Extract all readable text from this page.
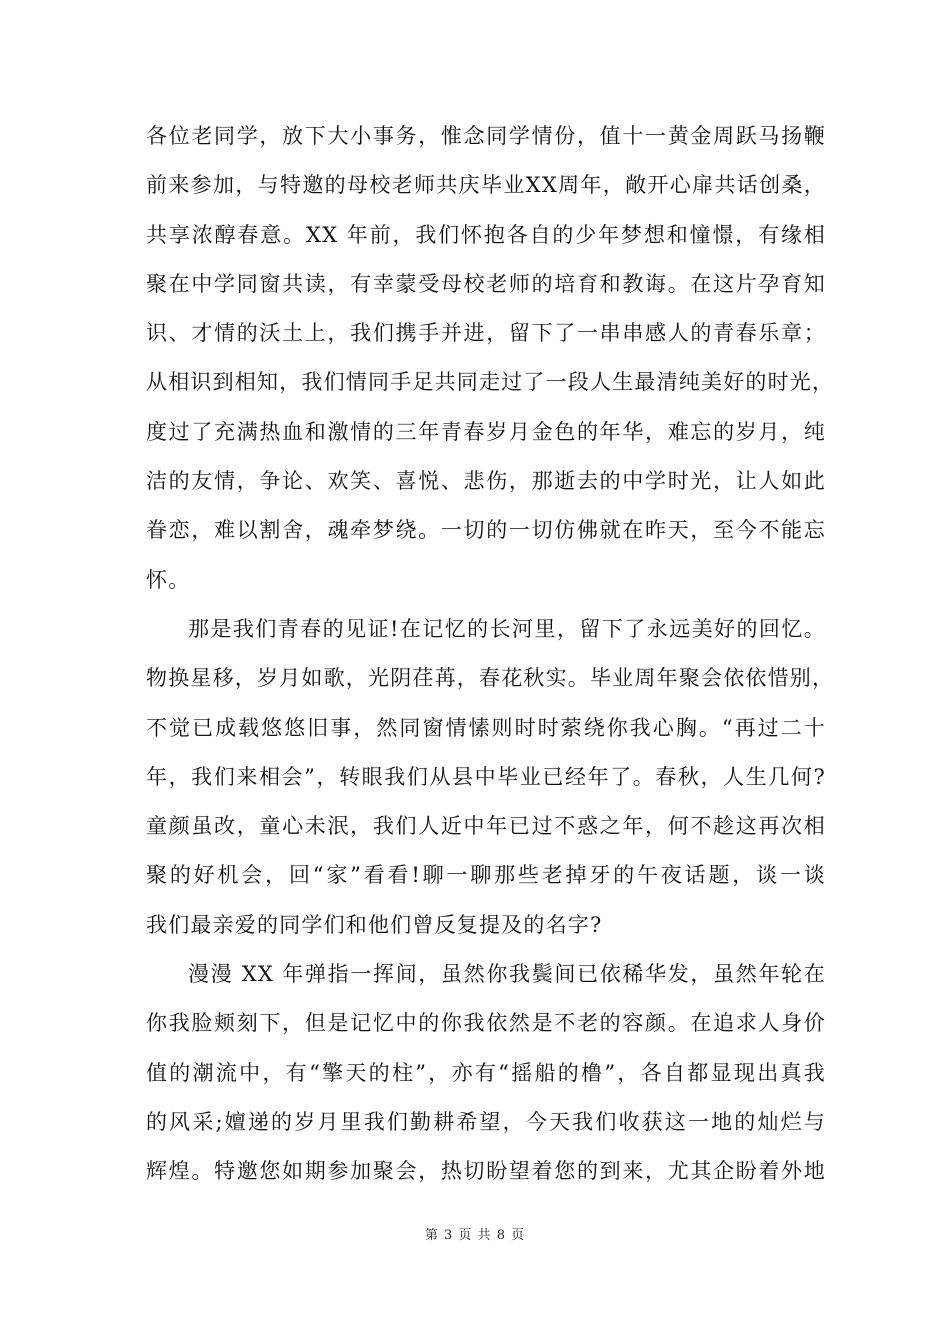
各位老同学，放下大小事务，惟念同学情份，值十一黄金周跃马扬鞭
前来参加，与特邀的母校老师共庆毕业XX周年，敞开心扉共话创桑，
共享浓醇春意。XX 年前，我们怀抱各自的少年梦想和憧憬，有缘相
聚在中学同窗共读，有幸蒙受母校老师的培育和教诲。在这片孕育知
识、才情的沃土上，我们携手并进，留下了一串串感人的青春乐章；
从相识到相知，我们情同手足共同走过了一段人生最清纯美好的时光，
度过了充满热血和激情的三年青春岁月金色的年华，难忘的岁月，纯
洁的友情，争论、欢笑、喜悦、悲伤，那逝去的中学时光，让人如此
眷恋，难以割舍，魂牵梦绕。一切的一切仿佛就在昨天，至今不能忘
怀。
那是我们青春的见证!在记忆的长河里，留下了永远美好的回忆。
物换星移，岁月如歌，光阴荏苒，春花秋实。毕业周年聚会依依惜别，
不觉已成载悠悠旧事，然同窗情愫则时时萦绕你我心胸。“再过二十
年，我们来相会”，转眼我们从县中毕业已经年了。春秋，人生几何?
童颜虽改，童心未泯，我们人近中年已过不惑之年，何不趁这再次相
聚的好机会，回“家”看看!聊一聊那些老掉牙的午夜话题，谈一谈
我们最亲爱的同学们和他们曾反复提及的名字?
漫漫 XX 年弹指一挥间，虽然你我鬓间已依稀华发，虽然年轮在
你我脸颊刻下，但是记忆中的你我依然是不老的容颜。在追求人身价
值的潮流中，有“擎天的柱”，亦有“摇船的橹”，各自都显现出真我
的风采;嬗递的岁月里我们勤耕希望，今天我们收获这一地的灿烂与
辉煌。特邀您如期参加聚会，热切盼望着您的到来，尤其企盼着外地
第 3 页 共 8 页
